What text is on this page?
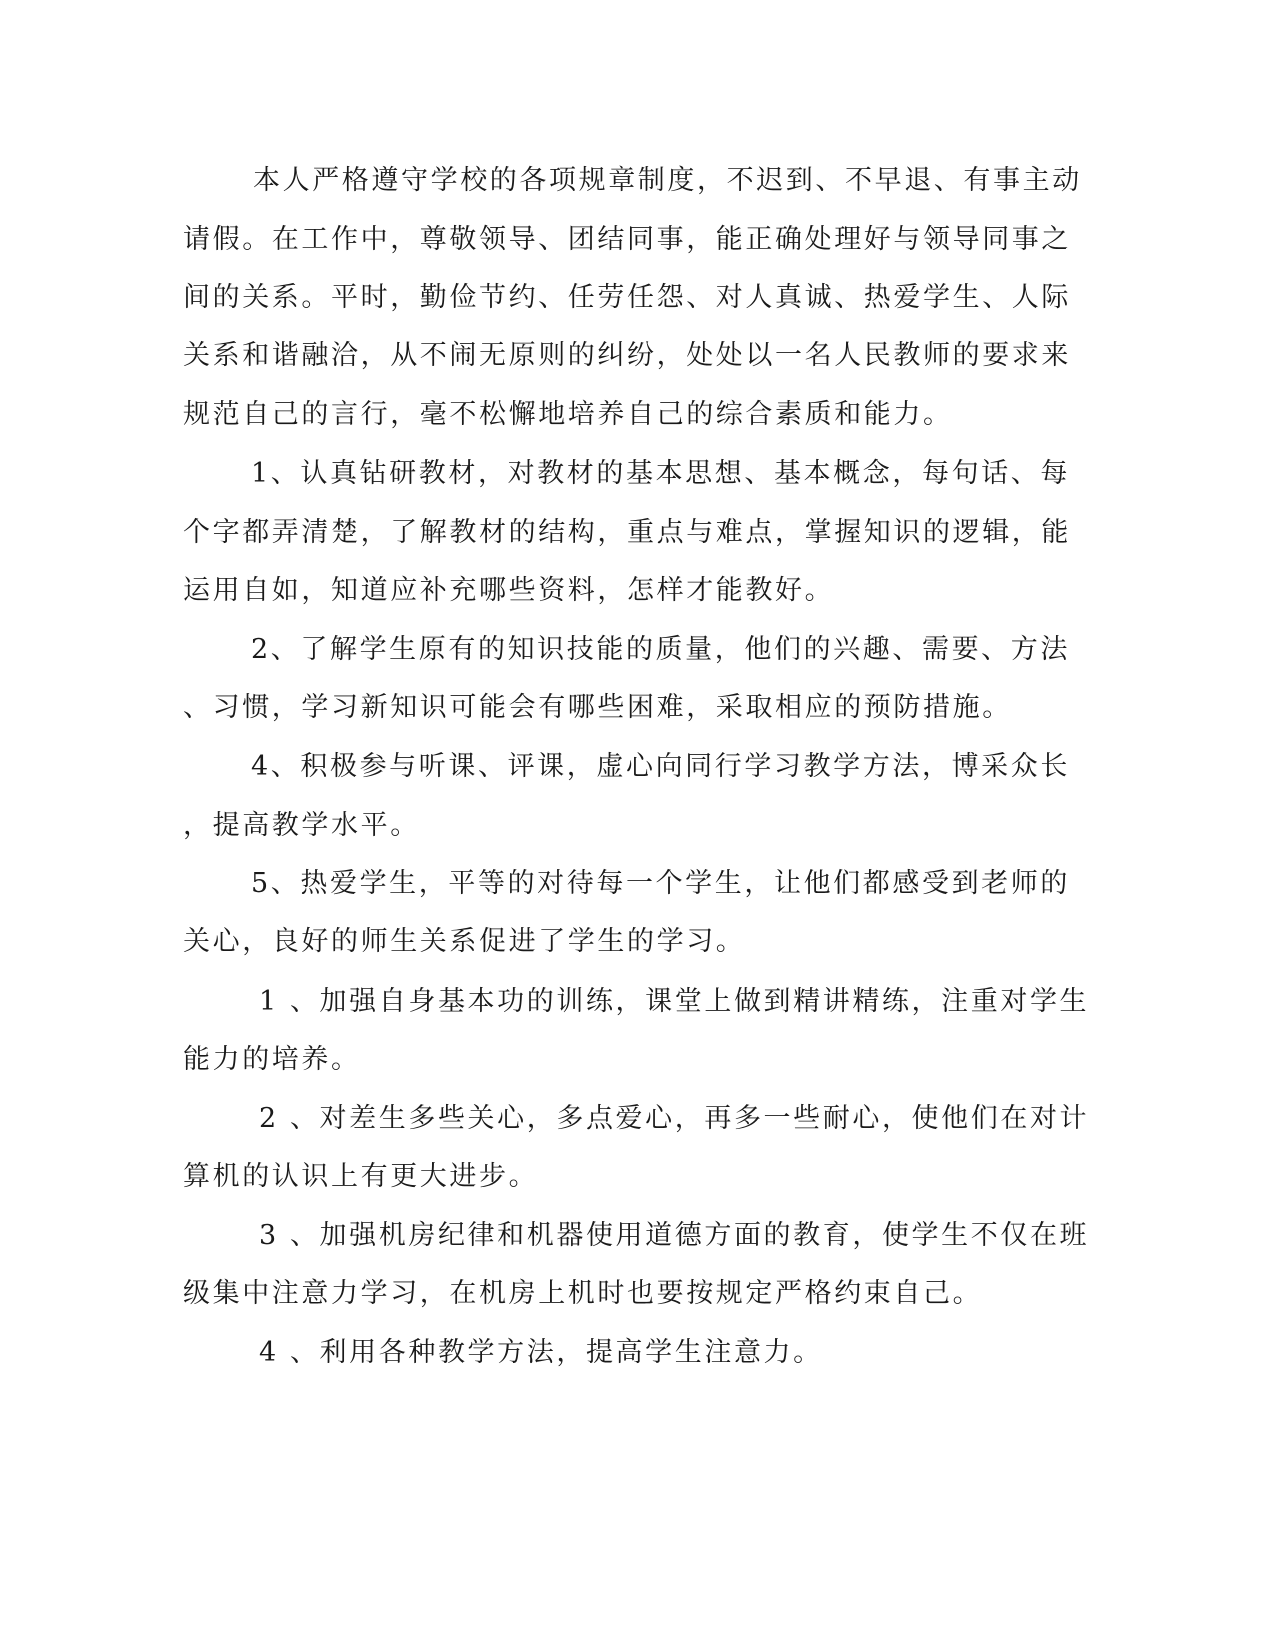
本人严格遵守学校的各项规章制度，不迟到、不早退、有事主动
请假。在工作中，尊敬领导、团结同事，能正确处理好与领导同事之
间的关系。平时，勤俭节约、任劳任怨、对人真诚、热爱学生、人际
关系和谐融洽，从不闹无原则的纠纷，处处以一名人民教师的要求来
规范自己的言行，毫不松懈地培养自己的综合素质和能力。
1、认真钻研教材，对教材的基本思想、基本概念，每句话、每
个字都弄清楚，了解教材的结构，重点与难点，掌握知识的逻辑，能
运用自如，知道应补充哪些资料，怎样才能教好。
2、了解学生原有的知识技能的质量，他们的兴趣、需要、方法
、习惯，学习新知识可能会有哪些困难，采取相应的预防措施。
4、积极参与听课、评课，虚心向同行学习教学方法，博采众长
，提高教学水平。
5、热爱学生，平等的对待每一个学生，让他们都感受到老师的
关心，良好的师生关系促进了学生的学习。
1 、加强自身基本功的训练，课堂上做到精讲精练，注重对学生
能力的培养。
2 、对差生多些关心，多点爱心，再多一些耐心，使他们在对计
算机的认识上有更大进步。
3 、加强机房纪律和机器使用道德方面的教育，使学生不仅在班
级集中注意力学习，在机房上机时也要按规定严格约束自己。
4 、利用各种教学方法，提高学生注意力。
